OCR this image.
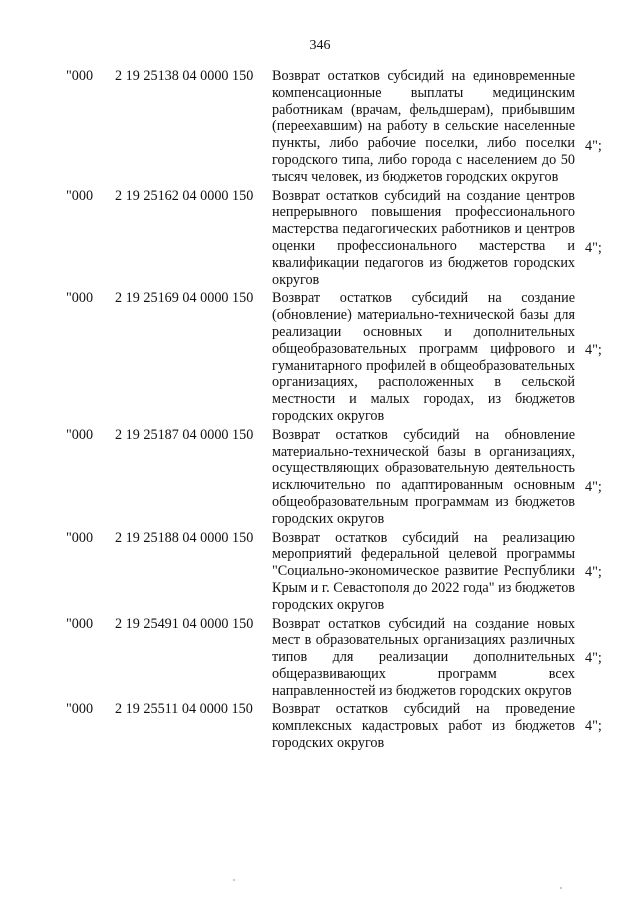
346
"000 2 19 25138 04 0000 150 Возврат остатков субсидий на единовременные компенсационные выплаты медицинским работникам (врачам, фельдшерам), прибывшим (переехавшим) на работу в сельские населенные пункты, либо рабочие поселки, либо поселки городского типа, либо города с населением до 50 тысяч человек, из бюджетов городских округов
4";
"000 2 19 25162 04 0000 150 Возврат остатков субсидий на создание центров непрерывного повышения профессионального мастерства педагогических работников и центров оценки профессионального мастерства и квалификации педагогов из бюджетов городских округов
4";
"000 2 19 25169 04 0000 150 Возврат остатков субсидий на создание (обновление) материально-технической базы для реализации основных и дополнительных общеобразовательных программ цифрового и гуманитарного профилей в общеобразовательных организациях, расположенных в сельской местности и малых городах, из бюджетов городских округов
4";
"000 2 19 25187 04 0000 150 Возврат остатков субсидий на обновление материально-технической базы в организациях, осуществляющих образовательную деятельность исключительно по адаптированным основным общеобразовательным программам из бюджетов городских округов
4";
"000 2 19 25188 04 0000 150 Возврат остатков субсидий на реализацию мероприятий федеральной целевой программы "Социально-экономическое развитие Республики Крым и г. Севастополя до 2022 года" из бюджетов городских округов
4";
"000 2 19 25491 04 0000 150 Возврат остатков субсидий на создание новых мест в образовательных организациях различных типов для реализации дополнительных общеразвивающих программ всех направленностей из бюджетов городских округов
4";
"000 2 19 25511 04 0000 150 Возврат остатков субсидий на проведение комплексных кадастровых работ из бюджетов городских округов
4";
